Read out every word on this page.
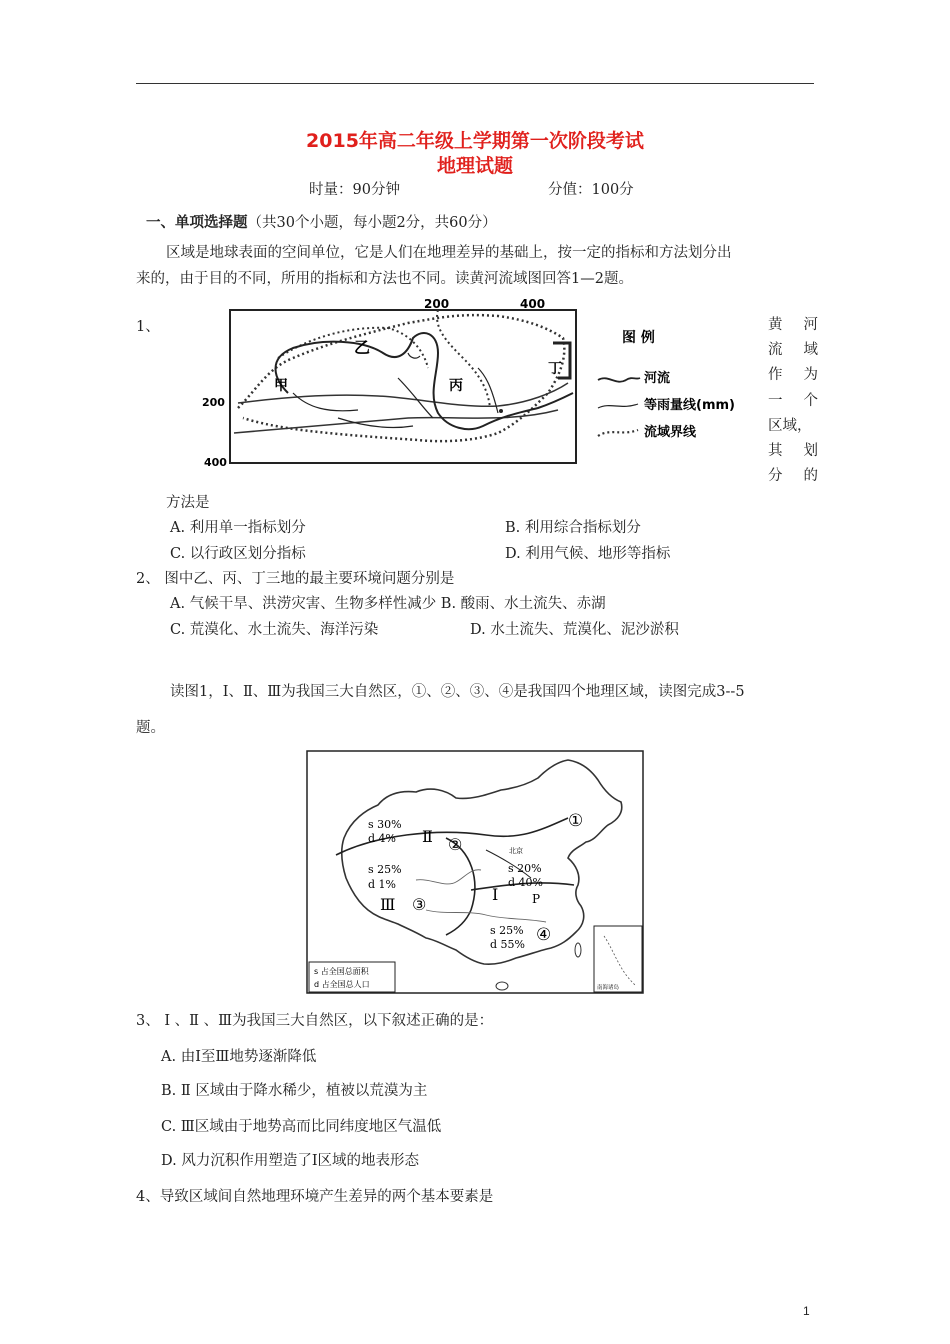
2015年高二年级上学期第一次阶段考试
地理试题
时量：90分钟	分值：100分
一、单项选择题（共30个小题，每小题2分，共60分）
区域是地球表面的空间单位，它是人们在地理差异的基础上，按一定的指标和方法划分出
来的，由于目的不同，所用的指标和方法也不同。读黄河流域图回答1—2题。
1、
200	400
200
400
甲
乙
丙
丁
图 例
河流
等雨量线(mm)
流域界线
黄 河
流 域
作 为
一 个
区域，
其 划
分 的
方法是
A. 利用单一指标划分	B. 利用综合指标划分
C. 以行政区划分指标	D. 利用气候、地形等指标
2、 图中乙、丙、丁三地的最主要环境问题分别是
A. 气候干旱、洪涝灾害、生物多样性减少 B. 酸雨、水土流失、赤湖
C. 荒漠化、水土流失、海洋污染	D. 水土流失、荒漠化、泥沙淤积
读图1，Ⅰ、Ⅱ、Ⅲ为我国三大自然区，①、②、③、④是我国四个地理区域，读图完成3--5
题。
南海诸岛
s 占全国总面积
d 占全国总人口
s 30%
d 4% Ⅱ ②
①
s 25%
d 1%
Ⅲ ③
北京
s 20%
d 40%
Ⅰ	P
s 25%
d 55% ④
3、 Ⅰ 、Ⅱ 、Ⅲ为我国三大自然区，以下叙述正确的是：
A. 由Ⅰ至Ⅲ地势逐渐降低
B. Ⅱ 区域由于降水稀少，植被以荒漠为主
C. Ⅲ区域由于地势高而比同纬度地区气温低
D. 风力沉积作用塑造了Ⅰ区域的地表形态
4、导致区域间自然地理环境产生差异的两个基本要素是
1
